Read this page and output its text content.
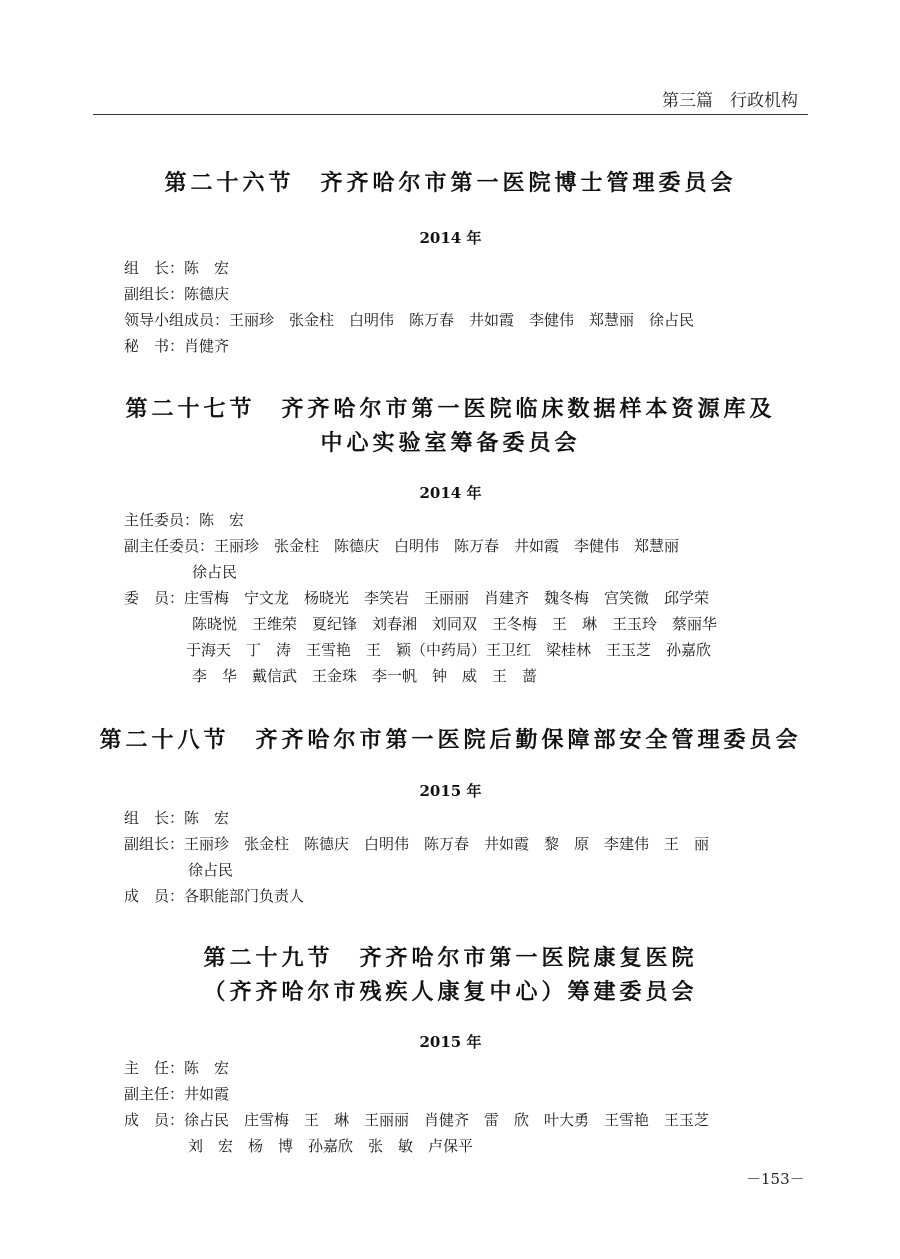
第三篇　行政机构
第二十六节　齐齐哈尔市第一医院博士管理委员会
2014 年
组　长：陈　宏
副组长：陈德庆
领导小组成员：王丽珍　张金柱　白明伟　陈万春　井如霞　李健伟　郑慧丽　徐占民
秘　书：肖健齐
第二十七节　齐齐哈尔市第一医院临床数据样本资源库及
中心实验室筹备委员会
2014 年
主任委员：陈　宏
副主任委员：王丽珍　张金柱　陈德庆　白明伟　陈万春　井如霞　李健伟　郑慧丽
徐占民
委　员：庄雪梅　宁文龙　杨晓光　李笑岩　王丽丽　肖建齐　魏冬梅　宫笑微　邱学荣
陈晓悦　王维荣　夏纪锋　刘春湘　刘同双　王冬梅　王　琳　王玉玲　蔡丽华
于海天　丁　涛　王雪艳　王　颖（中药局）王卫红　梁桂林　王玉芝　孙嘉欣
李　华　戴信武　王金珠　李一帆　钟　威　王　蔷
第二十八节　齐齐哈尔市第一医院后勤保障部安全管理委员会
2015 年
组　长：陈　宏
副组长：王丽珍　张金柱　陈德庆　白明伟　陈万春　井如霞　黎　原　李建伟　王　丽
徐占民
成　员：各职能部门负责人
第二十九节　齐齐哈尔市第一医院康复医院
（齐齐哈尔市残疾人康复中心）筹建委员会
2015 年
主　任：陈　宏
副主任：井如霞
成　员：徐占民　庄雪梅　王　琳　王丽丽　肖健齐　雷　欣　叶大勇　王雪艳　王玉芝
刘　宏　杨　博　孙嘉欣　张　敏　卢保平
－153－
